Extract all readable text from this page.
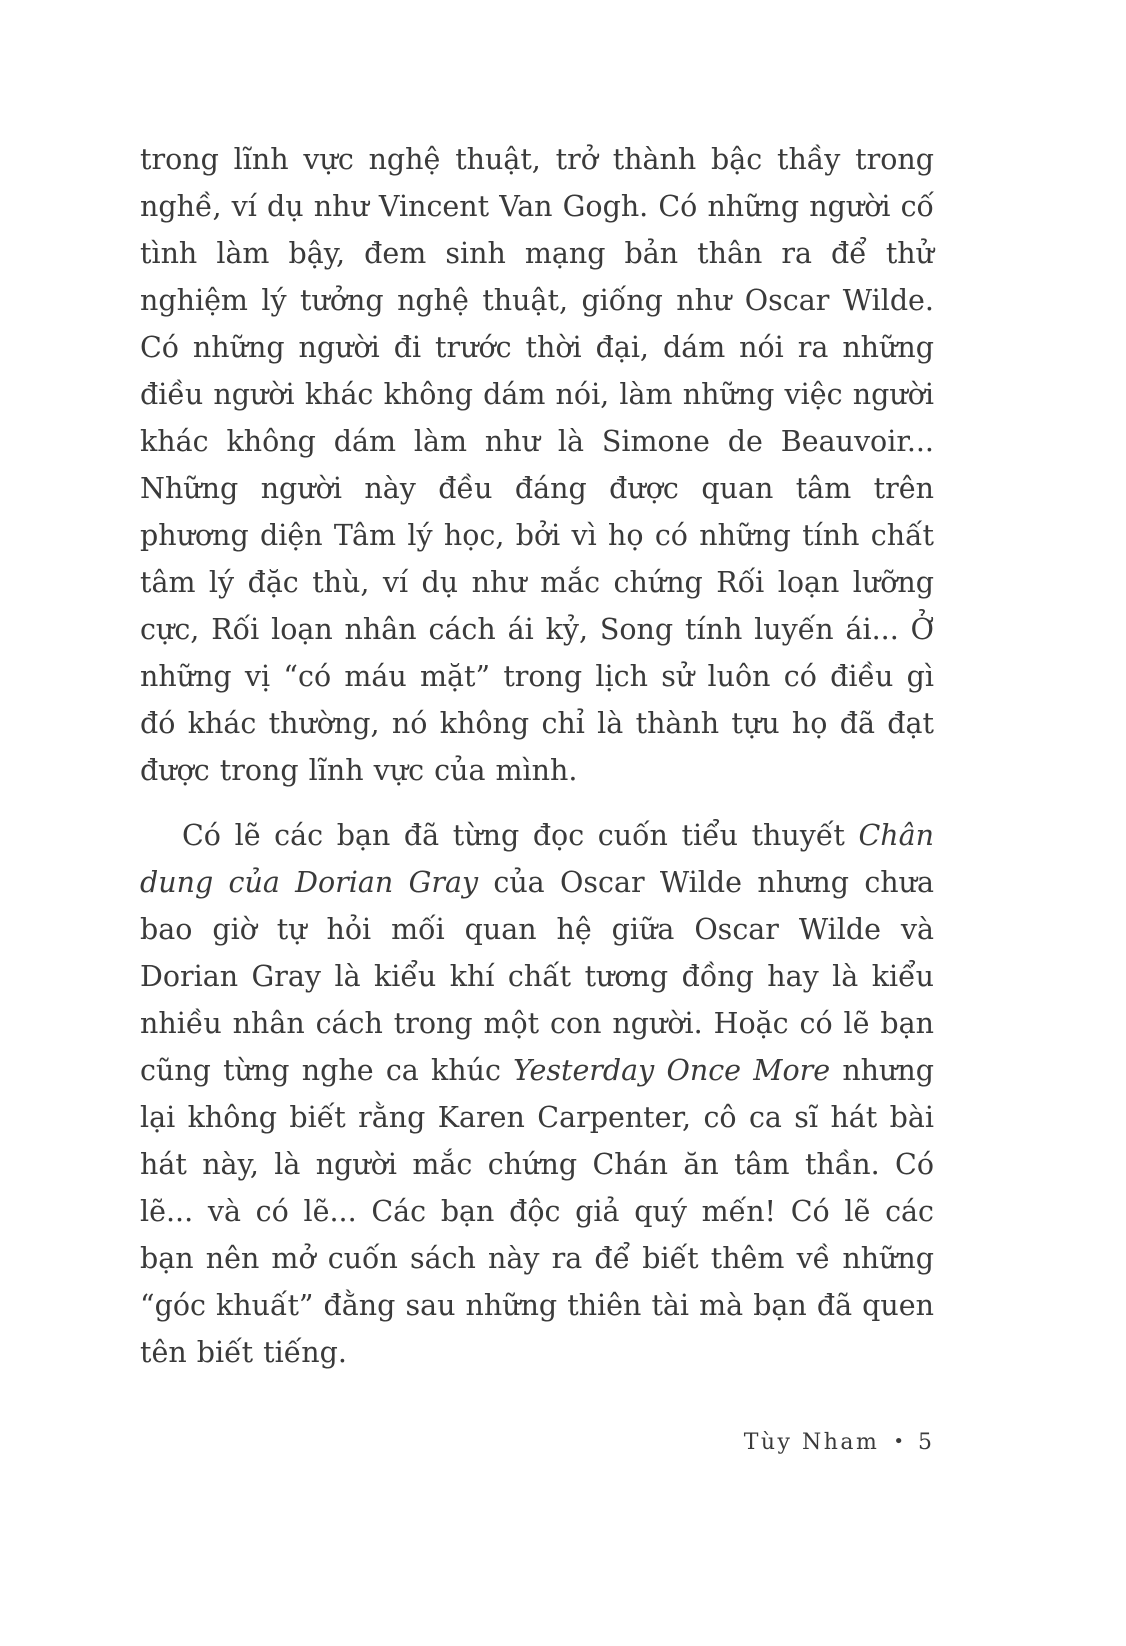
trong lĩnh vực nghệ thuật, trở thành bậc thầy trong nghề, ví dụ như Vincent Van Gogh. Có những người cố tình làm bậy, đem sinh mạng bản thân ra để thử nghiệm lý tưởng nghệ thuật, giống như Oscar Wilde. Có những người đi trước thời đại, dám nói ra những điều người khác không dám nói, làm những việc người khác không dám làm như là Simone de Beauvoir... Những người này đều đáng được quan tâm trên phương diện Tâm lý học, bởi vì họ có những tính chất tâm lý đặc thù, ví dụ như mắc chứng Rối loạn lưỡng cực, Rối loạn nhân cách ái kỷ, Song tính luyến ái... Ở những vị “có máu mặt” trong lịch sử luôn có điều gì đó khác thường, nó không chỉ là thành tựu họ đã đạt được trong lĩnh vực của mình.

Có lẽ các bạn đã từng đọc cuốn tiểu thuyết Chân dung của Dorian Gray của Oscar Wilde nhưng chưa bao giờ tự hỏi mối quan hệ giữa Oscar Wilde và Dorian Gray là kiểu khí chất tương đồng hay là kiểu nhiều nhân cách trong một con người. Hoặc có lẽ bạn cũng từng nghe ca khúc Yesterday Once More nhưng lại không biết rằng Karen Carpenter, cô ca sĩ hát bài hát này, là người mắc chứng Chán ăn tâm thần. Có lẽ... và có lẽ... Các bạn độc giả quý mến! Có lẽ các bạn nên mở cuốn sách này ra để biết thêm về những “góc khuất” đằng sau những thiên tài mà bạn đã quen tên biết tiếng.

Tùy Nham • 5
